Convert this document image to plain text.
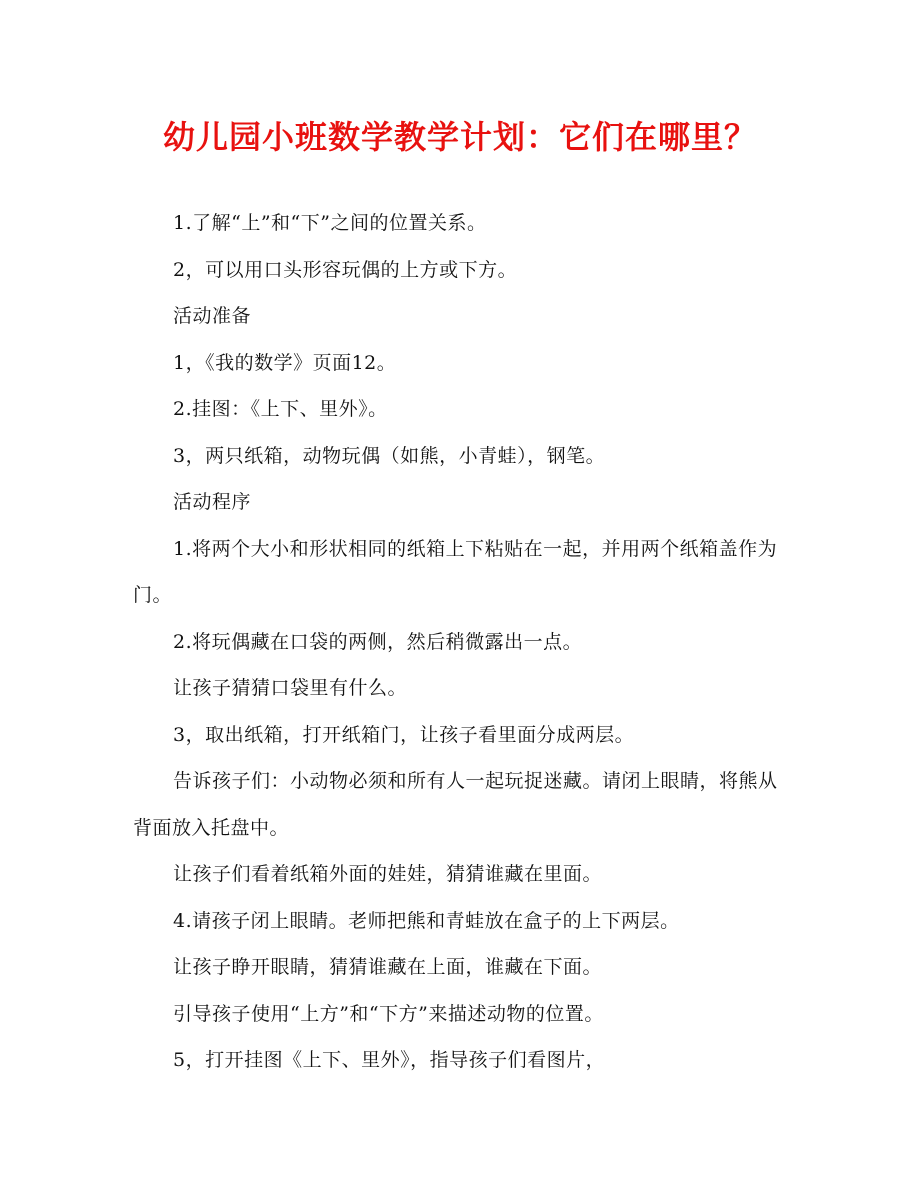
幼儿园小班数学教学计划：它们在哪里？

1.了解“上”和“下”之间的位置关系。

2，可以用口头形容玩偶的上方或下方。

活动准备

1，《我的数学》页面12。

2.挂图：《上下、里外》。

3，两只纸箱，动物玩偶（如熊，小青蛙），钢笔。

活动程序

1.将两个大小和形状相同的纸箱上下粘贴在一起，并用两个纸箱盖作为门。

2.将玩偶藏在口袋的两侧，然后稍微露出一点。

让孩子猜猜口袋里有什么。

3，取出纸箱，打开纸箱门，让孩子看里面分成两层。

告诉孩子们：小动物必须和所有人一起玩捉迷藏。请闭上眼睛，将熊从背面放入托盘中。

让孩子们看着纸箱外面的娃娃，猜猜谁藏在里面。

4.请孩子闭上眼睛。老师把熊和青蛙放在盒子的上下两层。

让孩子睁开眼睛，猜猜谁藏在上面，谁藏在下面。

引导孩子使用“上方”和“下方”来描述动物的位置。

5，打开挂图《上下、里外》，指导孩子们看图片，
